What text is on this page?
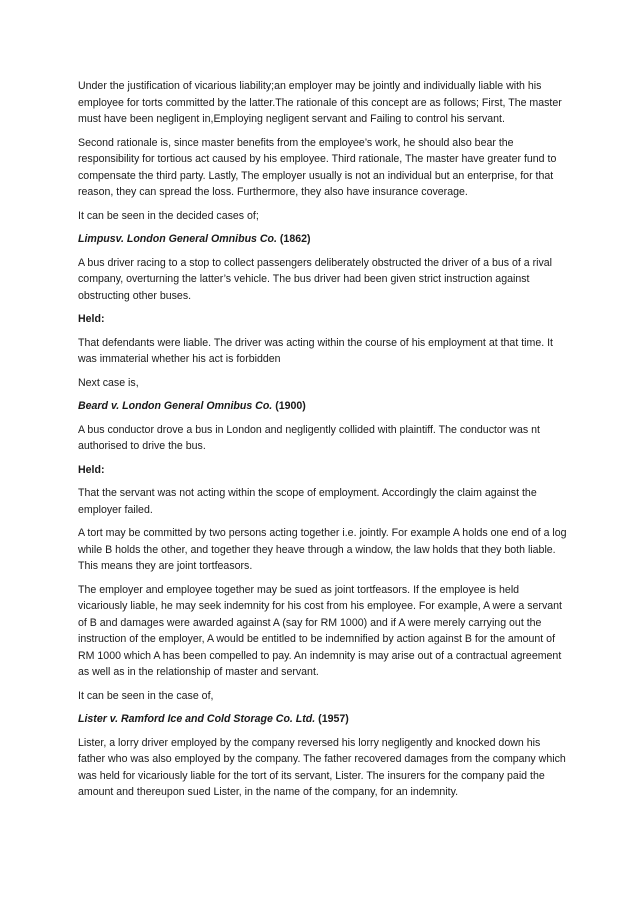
Under the justification of vicarious liability;an employer may be jointly and individually liable with his employee for torts committed by the latter.The rationale of this concept are as follows; First, The master must have been negligent in,Employing negligent servant and Failing to control his servant.

Second rationale is, since master benefits from the employee’s work, he should also bear the responsibility for tortious act caused by his employee. Third rationale, The master have greater fund to compensate the third party. Lastly, The employer usually is not an individual but an enterprise, for that reason, they can spread the loss. Furthermore, they also have insurance coverage.

It can be seen in the decided cases of;

Limpusv. London General Omnibus Co. (1862)

A bus driver racing to a stop to collect passengers deliberately obstructed the driver of a bus of a rival company, overturning the latter’s vehicle. The bus driver had been given strict instruction against obstructing other buses.

Held:

That defendants were liable. The driver was acting within the course of his employment at that time. It was immaterial whether his act is forbidden

Next case is,

Beard v. London General Omnibus Co. (1900)

A bus conductor drove a bus in London and negligently collided with plaintiff. The conductor was nt authorised to drive the bus.

Held:

That the servant was not acting within the scope of employment. Accordingly the claim against the employer failed.

A tort may be committed by two persons acting together i.e. jointly. For example A holds one end of a log while B holds the other, and together they heave through a window, the law holds that they both liable. This means they are joint tortfeasors.

The employer and employee together may be sued as joint tortfeasors. If the employee is held vicariously liable, he may seek indemnity for his cost from his employee. For example, A were a servant of B and damages were awarded against A (say for RM 1000) and if A were merely carrying out the instruction of the employer, A would be entitled to be indemnified by action against B for the amount of RM 1000 which A has been compelled to pay. An indemnity is may arise out of a contractual agreement as well as in the relationship of master and servant.

It can be seen in the case of,

Lister v. Ramford Ice and Cold Storage Co. Ltd. (1957)

Lister, a lorry driver employed by the company reversed his lorry negligently and knocked down his father who was also employed by the company. The father recovered damages from the company which was held for vicariously liable for the tort of its servant, Lister. The insurers for the company paid the amount and thereupon sued Lister, in the name of the company, for an indemnity.
